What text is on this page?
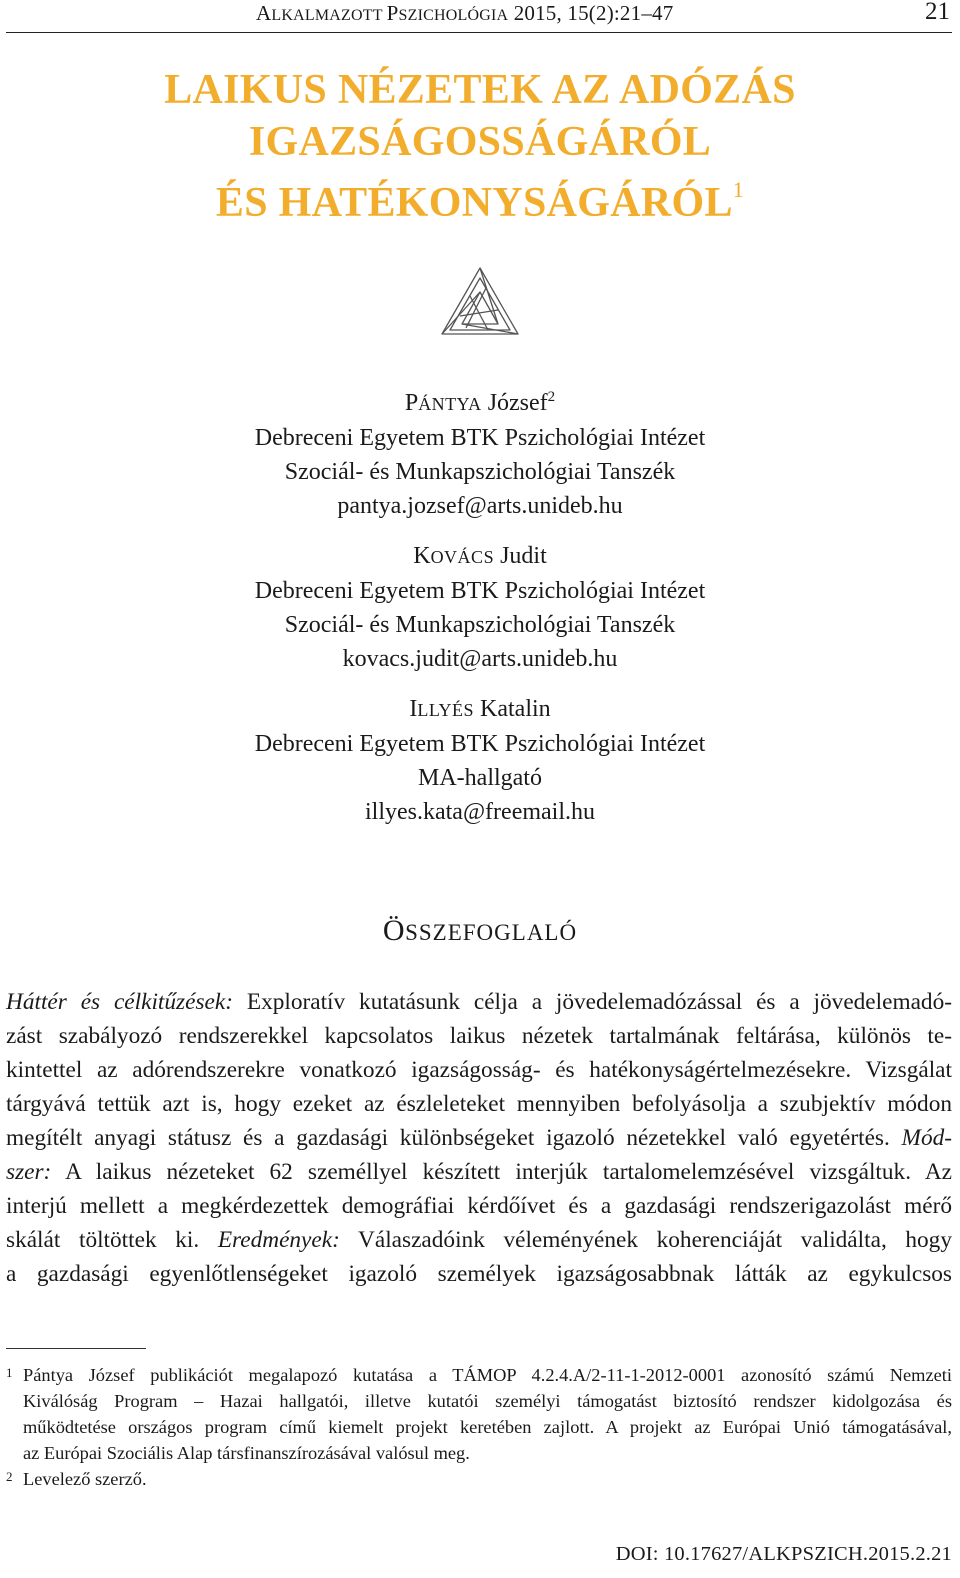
ALKALMAZOTT PSZICHOLÓGIA 2015, 15(2):21–47	21
LAIKUS NÉZETEK AZ ADÓZÁS
IGAZSÁGOSSÁGÁRÓL
ÉS HATÉKONYSÁGÁRÓL$^1$
PÁNTYA József$^2$
Debreceni Egyetem BTK Pszichológiai Intézet
Szociál- és Munkapszichológiai Tanszék
pantya.jozsef@arts.unideb.hu
KOVÁCS Judit
Debreceni Egyetem BTK Pszichológiai Intézet
Szociál- és Munkapszichológiai Tanszék
kovacs.judit@arts.unideb.hu
ILLYÉS Katalin
Debreceni Egyetem BTK Pszichológiai Intézet
MA-hallgató
illyes.kata@freemail.hu
ÖSSZEFOGLALÓ
Háttér és célkitűzések: Exploratív kutatásunk célja a jövedelemadózással és a jövedelemadó-
zást szabályozó rendszerekkel kapcsolatos laikus nézetek tartalmának feltárása, különös te-
kintettel az adórendszerekre vonatkozó igazságosság- és hatékonyságértelmezésekre. Vizsgálat
tárgyává tettük azt is, hogy ezeket az észleleteket mennyiben befolyásolja a szubjektív módon
megítélt anyagi státusz és a gazdasági különbségeket igazoló nézetekkel való egyetértés. Mód-
szer: A laikus nézeteket 62 személlyel készített interjúk tartalomelemzésével vizsgáltuk. Az
interjú mellett a megkérdezettek demográfiai kérdőívet és a gazdasági rendszerigazolást mérő
skálát töltöttek ki. Eredmények: Válaszadóink véleményének koherenciáját validálta, hogy
a gazdasági egyenlőtlenségeket igazoló személyek igazságosabbnak látták az egykulcsos
1 Pántya József publikációt megalapozó kutatása a TÁMOP 4.2.4.A/2-11-1-2012-0001 azonosító számú Nemzeti
Kiválóság Program – Hazai hallgatói, illetve kutatói személyi támogatást biztosító rendszer kidolgozása és
működtetése országos program című kiemelt projekt keretében zajlott. A projekt az Európai Unió támogatásával,
az Európai Szociális Alap társfinanszírozásával valósul meg.
2 Levelező szerző.
DOI: 10.17627/ALKPSZICH.2015.2.21
